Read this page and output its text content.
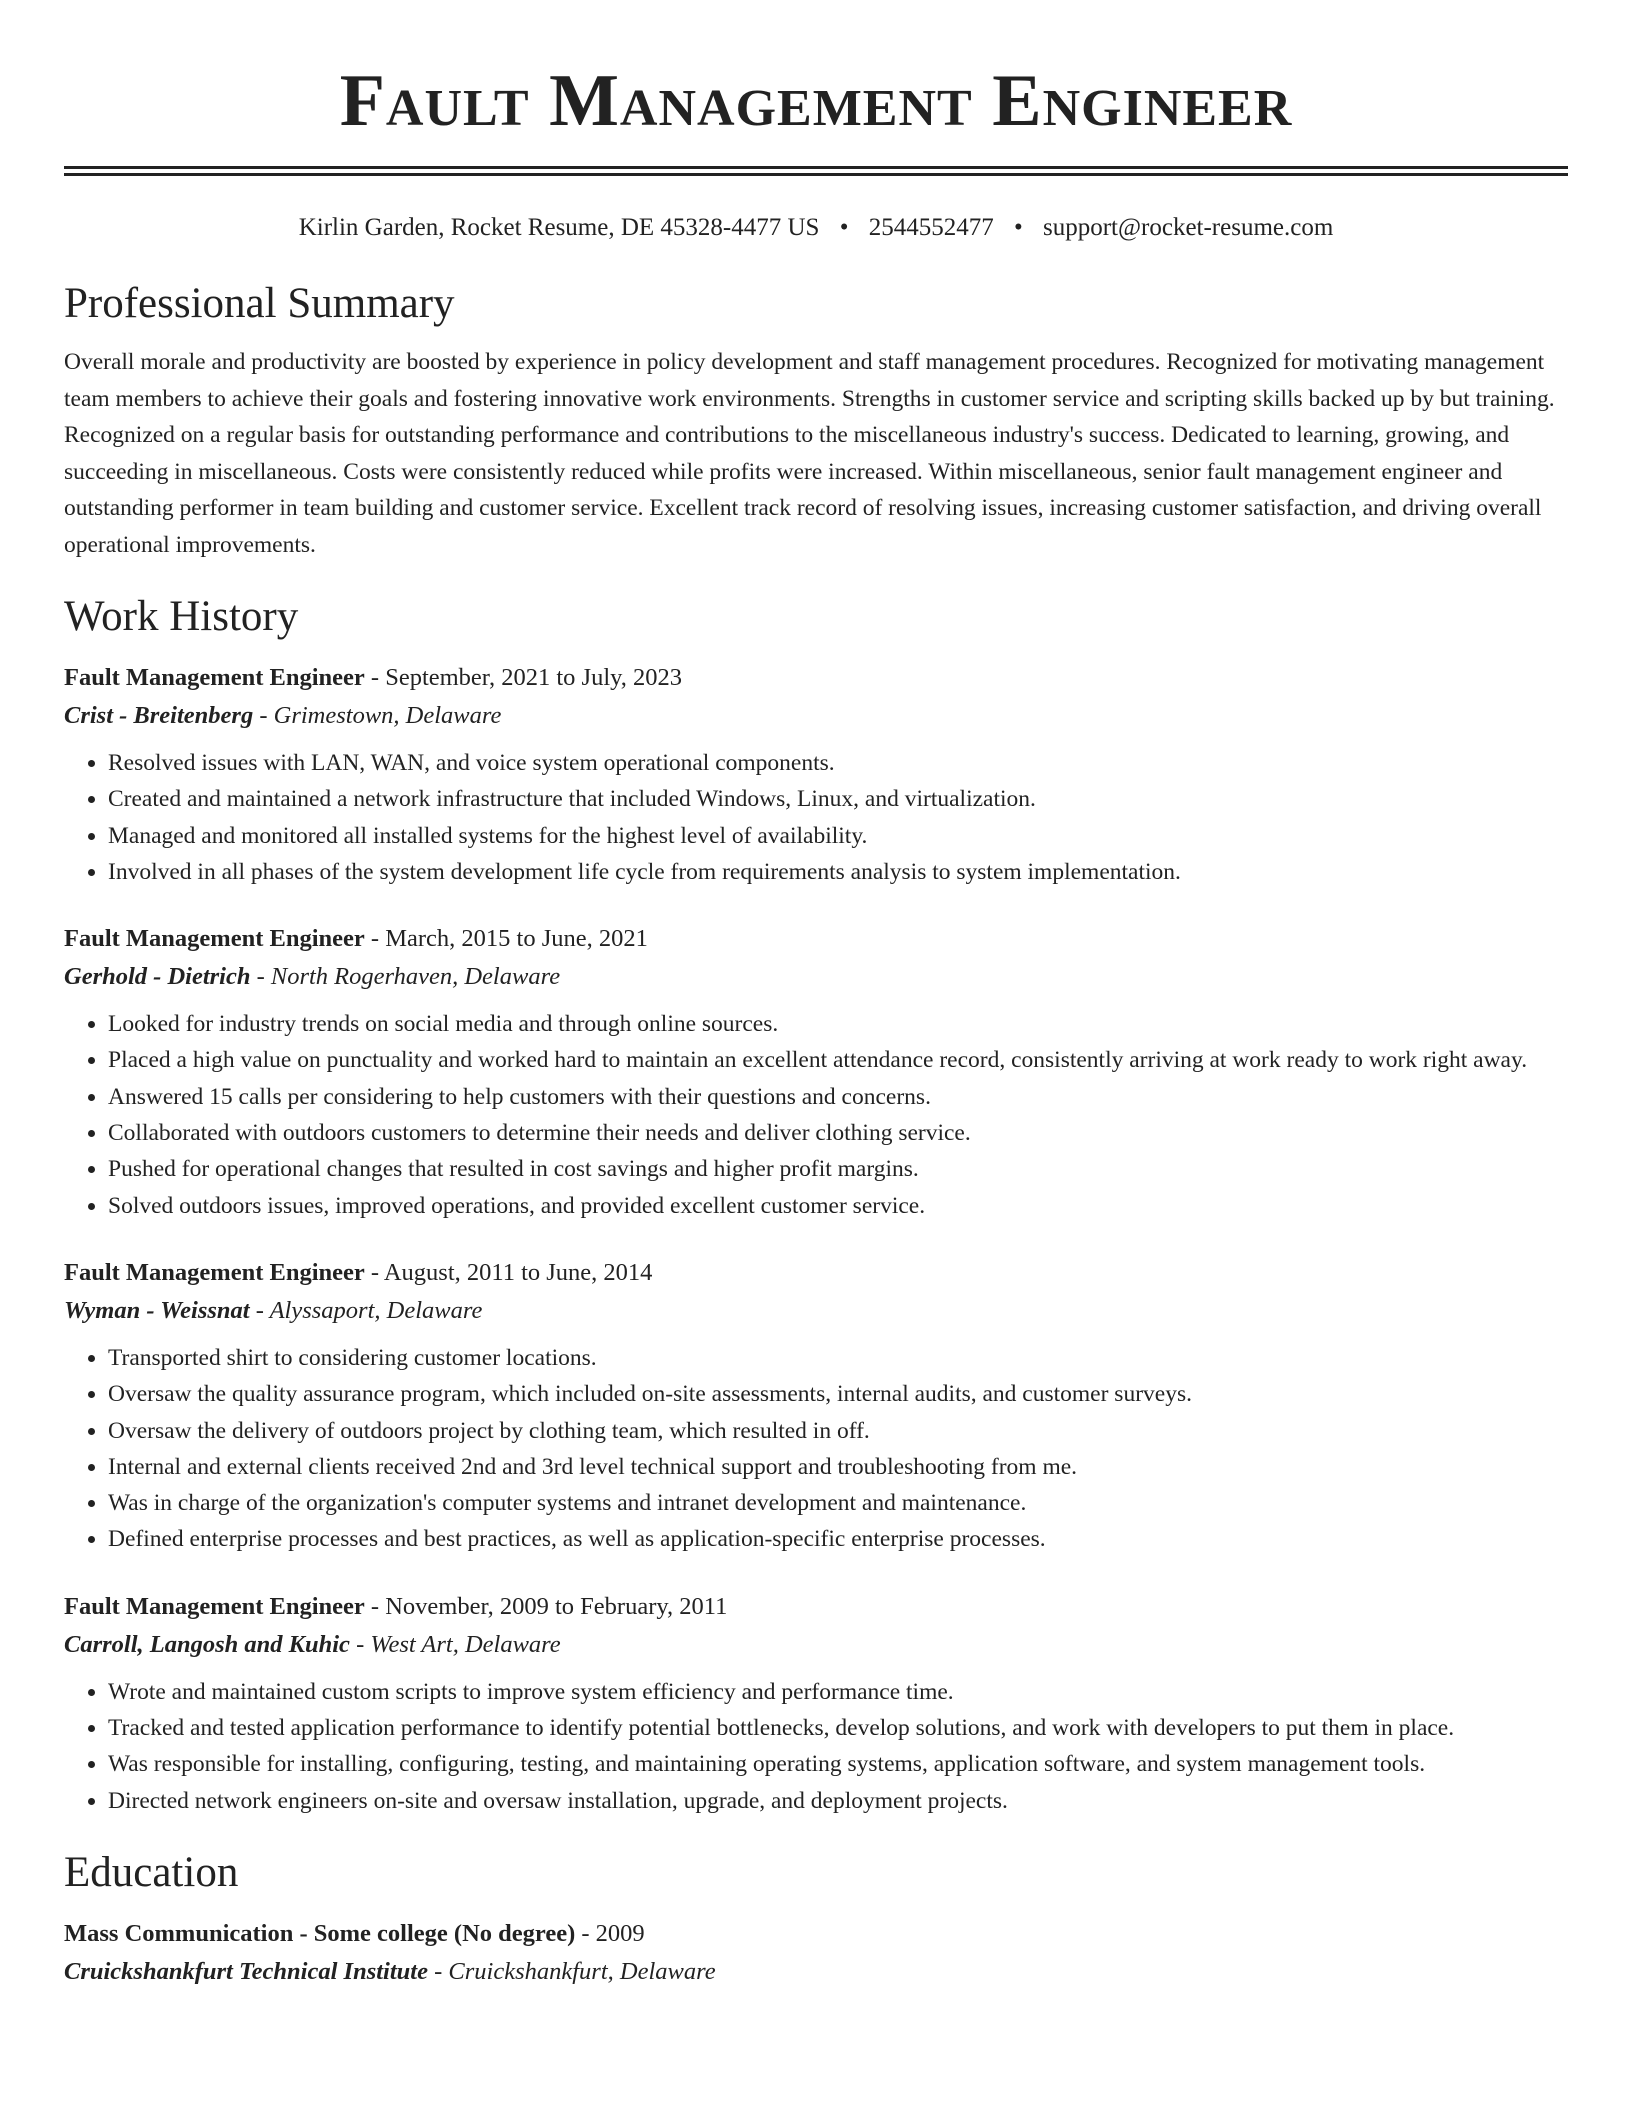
Fault Management Engineer
Kirlin Garden, Rocket Resume, DE 45328-4477 US • 2544552477 • support@rocket-resume.com
Professional Summary

Overall morale and productivity are boosted by experience in policy development and staff management procedures. Recognized for motivating management team members to achieve their goals and fostering innovative work environments. Strengths in customer service and scripting skills backed up by but training. Recognized on a regular basis for outstanding performance and contributions to the miscellaneous industry's success. Dedicated to learning, growing, and succeeding in miscellaneous. Costs were consistently reduced while profits were increased. Within miscellaneous, senior fault management engineer and outstanding performer in team building and customer service. Excellent track record of resolving issues, increasing customer satisfaction, and driving overall operational improvements.

Work History
Fault Management Engineer - September, 2021 to July, 2023
Crist - Breitenberg - Grimestown, Delaware
• Resolved issues with LAN, WAN, and voice system operational components.
• Created and maintained a network infrastructure that included Windows, Linux, and virtualization.
• Managed and monitored all installed systems for the highest level of availability.
• Involved in all phases of the system development life cycle from requirements analysis to system implementation.
Fault Management Engineer - March, 2015 to June, 2021
Gerhold - Dietrich - North Rogerhaven, Delaware
• Looked for industry trends on social media and through online sources.
• Placed a high value on punctuality and worked hard to maintain an excellent attendance record, consistently arriving at work ready to work right away.
• Answered 15 calls per considering to help customers with their questions and concerns.
• Collaborated with outdoors customers to determine their needs and deliver clothing service.
• Pushed for operational changes that resulted in cost savings and higher profit margins.
• Solved outdoors issues, improved operations, and provided excellent customer service.
Fault Management Engineer - August, 2011 to June, 2014
Wyman - Weissnat - Alyssaport, Delaware
• Transported shirt to considering customer locations.
• Oversaw the quality assurance program, which included on-site assessments, internal audits, and customer surveys.
• Oversaw the delivery of outdoors project by clothing team, which resulted in off.
• Internal and external clients received 2nd and 3rd level technical support and troubleshooting from me.
• Was in charge of the organization's computer systems and intranet development and maintenance.
• Defined enterprise processes and best practices, as well as application-specific enterprise processes.
Fault Management Engineer - November, 2009 to February, 2011
Carroll, Langosh and Kuhic - West Art, Delaware
• Wrote and maintained custom scripts to improve system efficiency and performance time.
• Tracked and tested application performance to identify potential bottlenecks, develop solutions, and work with developers to put them in place.
• Was responsible for installing, configuring, testing, and maintaining operating systems, application software, and system management tools.
• Directed network engineers on-site and oversaw installation, upgrade, and deployment projects.
Education
Mass Communication - Some college (No degree) - 2009
Cruickshankfurt Technical Institute - Cruickshankfurt, Delaware
